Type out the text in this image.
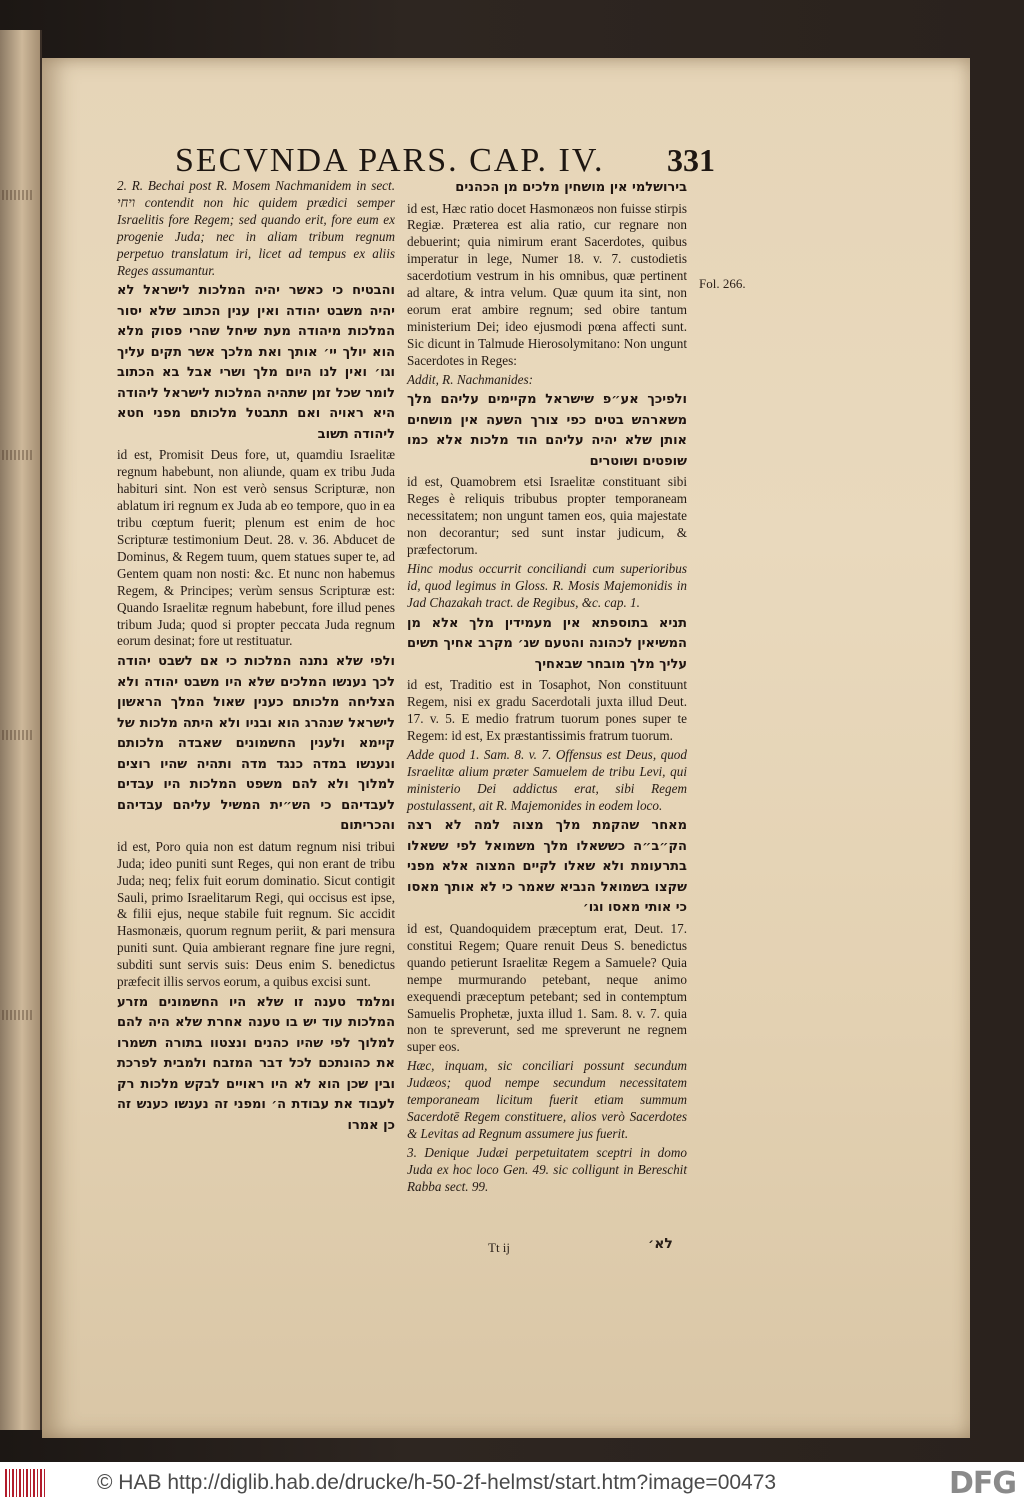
SECVNDA PARS. CAP. IV. 331
Fol. 266.

2. R. Bechai post R. Mosem Nachmanidem in sect. ויחי contendit non hic quidem prædici semper Israelitis fore Regem; sed quando erit, fore eum ex progenie Juda; nec in aliam tribum regnum perpetuo translatum iri, licet ad tempus ex aliis Reges assumantur.

והבטיח כי כאשר יהיה המלכות לישראל לא יהיה משבט יהודה ואין ענין הכתוב שלא יסור המלכות מיהודה מעת שיחל שהרי פסוק מלא הוא יולך יי׳ אותך ואת מלכך אשר תקים עליך וגו׳ ואין לנו היום מלך ושרי אבל בא הכתוב לומר שכל זמן שתהיה המלכות לישראל ליהודה היא ראויה ואם תתבטל מלכותם מפני חטא ליהודה תשוב

id est, Promisit Deus fore, ut, quamdiu Israelitæ regnum habebunt, non aliunde, quam ex tribu Juda habituri sint. Non est verò sensus Scripturæ, non ablatum iri regnum ex Juda ab eo tempore, quo in ea tribu cœptum fuerit; plenum est enim de hoc Scripturæ testimonium Deut. 28. v. 36. Abducet de Dominus, & Regem tuum, quem statues super te, ad Gentem quam non nosti: &c. Et nunc non habemus Regem, & Principes; verùm sensus Scripturæ est: Quando Israelitæ regnum habebunt, fore illud penes tribum Juda; quod si propter peccata Juda regnum eorum desinat; fore ut restituatur.

ולפי שלא נתנה המלכות כי אם לשבט יהודה לכך נענשו המלכים שלא היו משבט יהודה ולא הצליחה מלכותם כענין שאול המלך הראשון לישראל שנהרג הוא ובניו ולא היתה מלכות של קיימא ולענין החשמונים שאבדה מלכותם ונענשו במדה כנגד מדה ותהיה שהיו רוצים למלוך ולא להם משפט המלכות היו עבדים לעבדיהם כי הש״ית המשיל עליהם עבדיהם והכריתום

id est, Poro quia non est datum regnum nisi tribui Juda; ideo puniti sunt Reges, qui non erant de tribu Juda; neq; felix fuit eorum dominatio. Sicut contigit Sauli, primo Israelitarum Regi, qui occisus est ipse, & filii ejus, neque stabile fuit regnum. Sic accidit Hasmonæis, quorum regnum periit, & pari mensura puniti sunt. Quia ambierant regnare fine jure regni, subditi sunt servis suis: Deus enim S. benedictus præfecit illis servos eorum, a quibus excisi sunt.

ומלמד טענה זו שלא היו החשמונים מזרע המלכות עוד יש בו טענה אחרת שלא היה להם למלוך לפי שהיו כהנים ונצטוו בתורה תשמרו את כהונתכם לכל דבר המזבח ולמבית לפרכת ובין שכן הוא לא היו ראויים לבקש מלכות רק לעבוד את עבודת ה׳ ומפני זה נענשו כענש זה כן אמרו

בירושלמי אין מושחין מלכים מן הכהנים

id est, Hæc ratio docet Hasmonæos non fuisse stirpis Regiæ. Præterea est alia ratio, cur regnare non debuerint; quia nimirum erant Sacerdotes, quibus imperatur in lege, Numer 18. v. 7. custodietis sacerdotium vestrum in his omnibus, quæ pertinent ad altare, & intra velum. Quæ quum ita sint, non eorum erat ambire regnum; sed obire tantum ministerium Dei; ideo ejusmodi pœna affecti sunt. Sic dicunt in Talmude Hierosolymitano: Non ungunt Sacerdotes in Reges:

Addit, R. Nachmanides:

ולפיכך אע״פ שישראל מקיימים עליהם מלך משארהש בטים כפי צורך השעה אין מושחים אותן שלא יהיה עליהם הוד מלכות אלא כמו שופטים ושוטרים

id est, Quamobrem etsi Israelitæ constituant sibi Reges è reliquis tribubus propter temporaneam necessitatem; non ungunt tamen eos, quia majestate non decorantur; sed sunt instar judicum, & præfectorum.

Hinc modus occurrit conciliandi cum superioribus id, quod legimus in Gloss. R. Mosis Majemonidis in Jad Chazakah tract. de Regibus, &c. cap. 1.

תניא בתוספתא אין מעמידין מלך אלא מן המשיאין לכהונה והטעם שנ׳ מקרב אחיך תשים עליך מלך מובחר שבאחיך

id est, Traditio est in Tosaphot, Non constituunt Regem, nisi ex gradu Sacerdotali juxta illud Deut. 17. v. 5. E medio fratrum tuorum pones super te Regem: id est, Ex præstantissimis fratrum tuorum.

Adde quod 1. Sam. 8. v. 7. Offensus est Deus, quod Israelitæ alium præter Samuelem de tribu Levi, qui ministerio Dei addictus erat, sibi Regem postulassent, ait R. Majemonides in eodem loco.

מאחר שהקמת מלך מצוה למה לא רצה הק״ב״ה כששאלו מלך משמואל לפי ששאלו בתרעומת ולא שאלו לקיים המצוה אלא מפני שקצו בשמואל הנביא שאמר כי לא אותך מאסו כי אותי מאסו וגו׳

id est, Quandoquidem præceptum erat, Deut. 17. constitui Regem; Quare renuit Deus S. benedictus quando petierunt Israelitæ Regem a Samuele? Quia nempe murmurando petebant, neque animo exequendi præceptum petebant; sed in contemptum Samuelis Prophetæ, juxta illud 1. Sam. 8. v. 7. quia non te spreverunt, sed me spreverunt ne regnem super eos.

Hæc, inquam, sic conciliari possunt secundum Judæos; quod nempe secundum necessitatem temporaneam licitum fuerit etiam summum Sacerdotē Regem constituere, alios verò Sacerdotes & Levitas ad Regnum assumere jus fuerit.

3. Denique Judæi perpetuitatem sceptri in domo Juda ex hoc loco Gen. 49. sic colligunt in Bereschit Rabba sect. 99.

Tt ij	לא׳
© HAB http://diglib.hab.de/drucke/h-50-2f-helmst/start.htm?image=00473	DFG
